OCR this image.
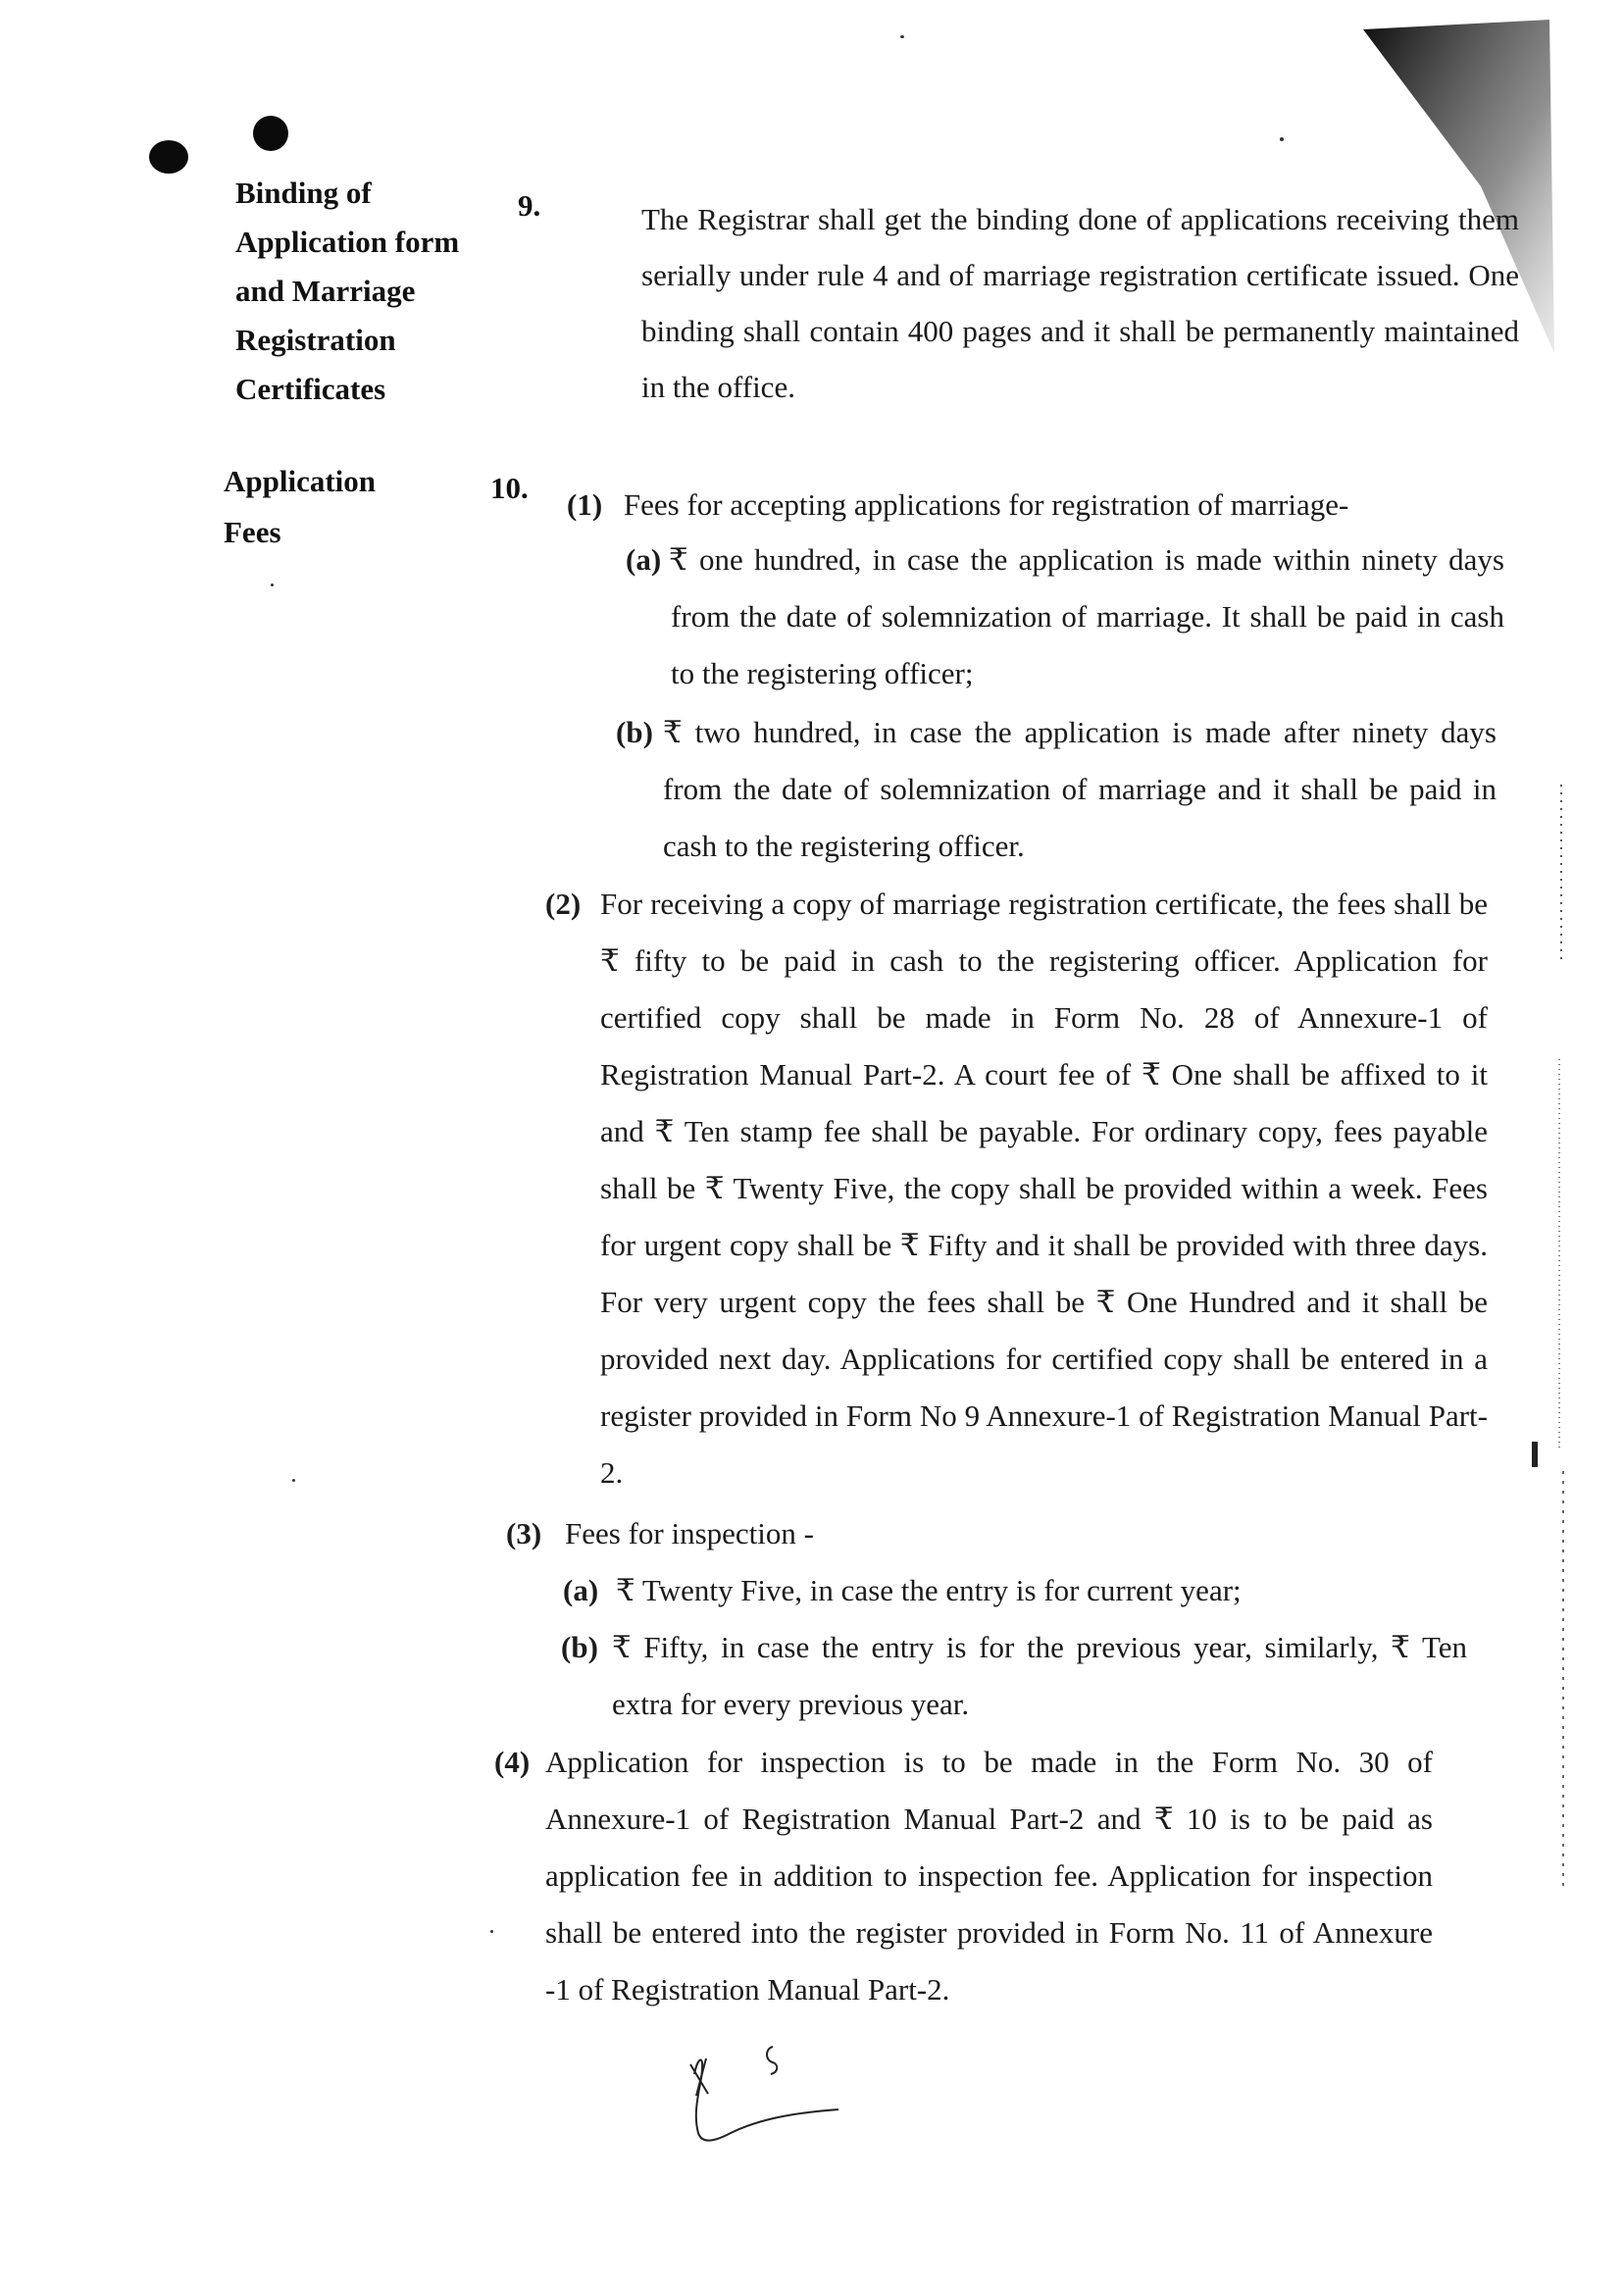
Binding of
Application form
and Marriage
Registration
Certificates
Application
Fees
9.	The Registrar shall get the binding done of applications receiving them serially under rule 4 and of marriage registration certificate issued. One binding shall contain 400 pages and it shall be permanently maintained in the office.
10. (1) Fees for accepting applications for registration of marriage-
(a) ₹ one hundred, in case the application is made within ninety days from the date of solemnization of marriage. It shall be paid in cash to the registering officer;
(b) ₹ two hundred, in case the application is made after ninety days from the date of solemnization of marriage and it shall be paid in cash to the registering officer.
(2) For receiving a copy of marriage registration certificate, the fees shall be ₹ fifty to be paid in cash to the registering officer. Application for certified copy shall be made in Form No. 28 of Annexure-1 of Registration Manual Part-2. A court fee of ₹ One shall be affixed to it and ₹ Ten stamp fee shall be payable. For ordinary copy, fees payable shall be ₹ Twenty Five, the copy shall be provided within a week. Fees for urgent copy shall be ₹ Fifty and it shall be provided with three days. For very urgent copy the fees shall be ₹ One Hundred and it shall be provided next day. Applications for certified copy shall be entered in a register provided in Form No 9 Annexure-1 of Registration Manual Part-2.
(3) Fees for inspection -
(a) ₹ Twenty Five, in case the entry is for current year;
(b) ₹ Fifty, in case the entry is for the previous year, similarly, ₹ Ten extra for every previous year.
(4) Application for inspection is to be made in the Form No. 30 of Annexure-1 of Registration Manual Part-2 and ₹ 10 is to be paid as application fee in addition to inspection fee. Application for inspection shall be entered into the register provided in Form No. 11 of Annexure -1 of Registration Manual Part-2.
